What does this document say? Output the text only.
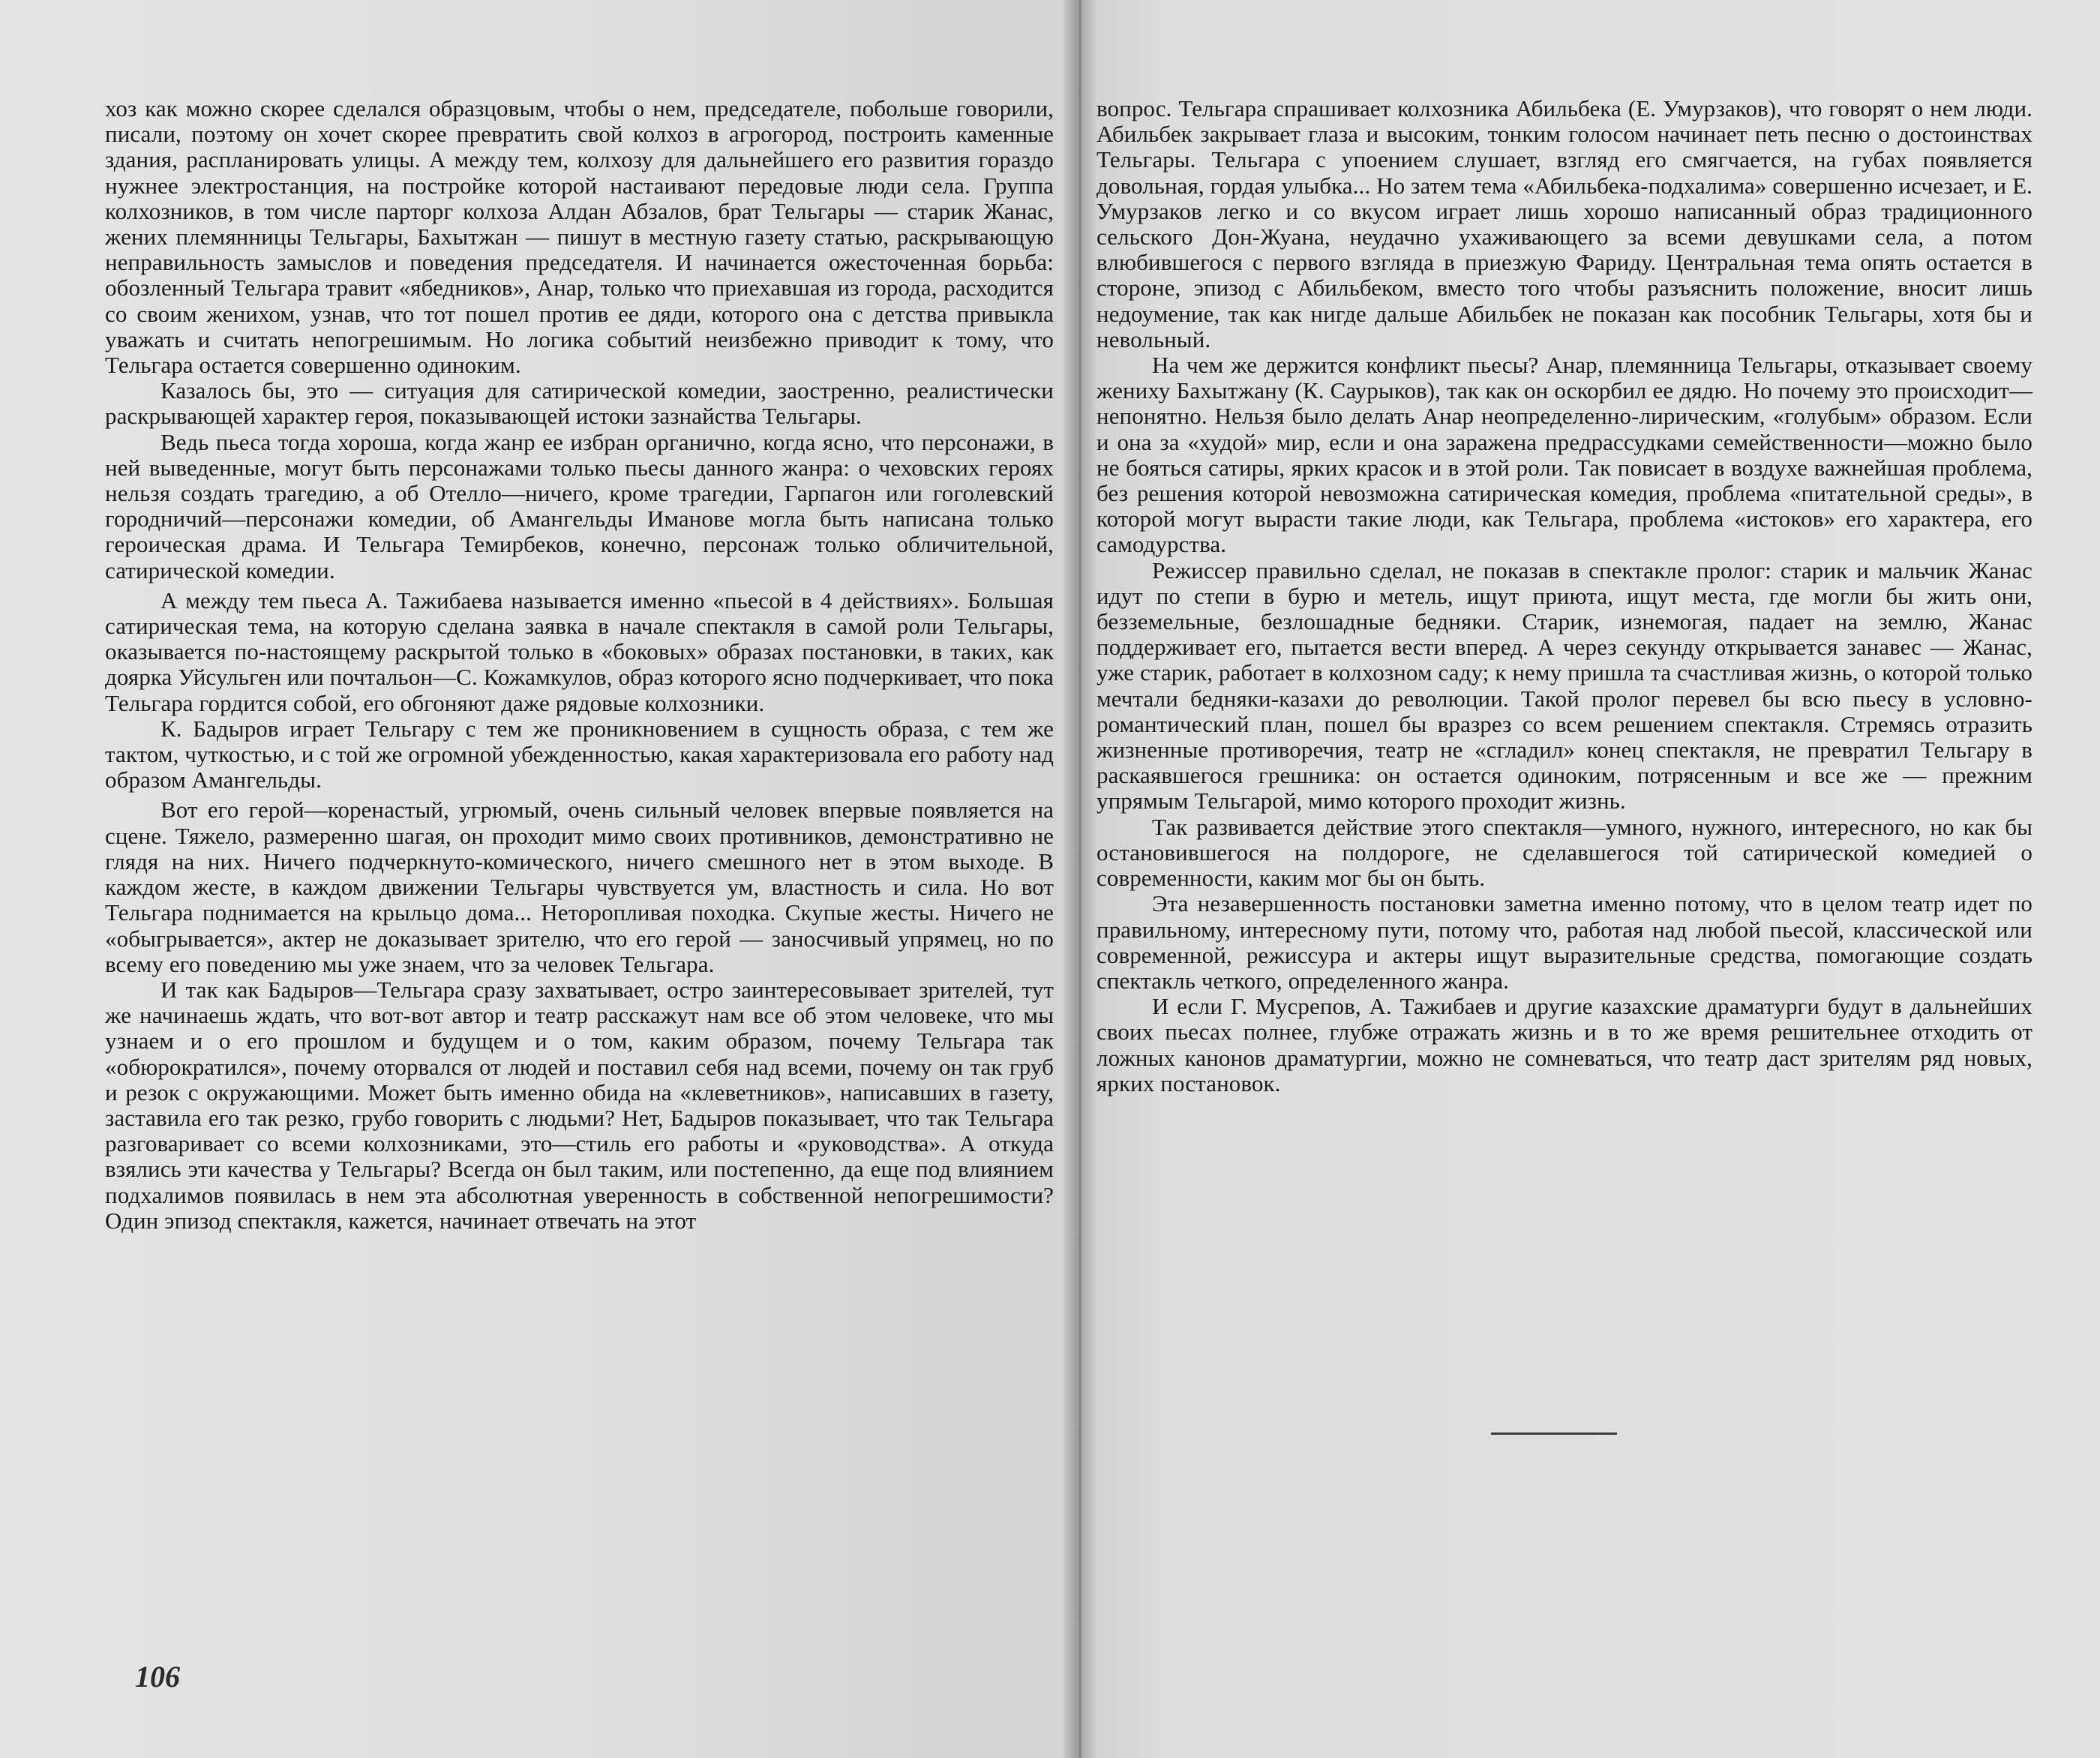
хоз как можно скорее сделался образцовым, чтобы о нем, председателе, побольше говорили, писали, поэтому он хочет скорее превратить свой колхоз в агрогород, построить каменные здания, распланировать улицы. А между тем, колхозу для дальнейшего его развития гораздо нужнее электростанция, на постройке которой настаивают передовые люди села. Группа колхозников, в том числе парторг колхоза Алдан Абзалов, брат Тельгары — старик Жанас, жених племянницы Тельгары, Бахытжан — пишут в местную газету статью, раскрывающую неправильность замыслов и поведения председателя. И начинается ожесточенная борьба: обозленный Тельгара травит «ябедников», Анар, только что приехавшая из города, расходится со своим женихом, узнав, что тот пошел против ее дяди, которого она с детства привыкла уважать и считать непогрешимым. Но логика событий неизбежно приводит к тому, что Тельгара остается совершенно одиноким.

Казалось бы, это — ситуация для сатирической комедии, заостренно, реалистически раскрывающей характер героя, показывающей истоки зазнайства Тельгары.

Ведь пьеса тогда хороша, когда жанр ее избран органично, когда ясно, что персонажи, в ней выведенные, могут быть персонажами только пьесы данного жанра: о чеховских героях нельзя создать трагедию, а об Отелло—ничего, кроме трагедии, Гарпагон или гоголевский городничий—персонажи комедии, об Амангельды Иманове могла быть написана только героическая драма. И Тельгара Темирбеков, конечно, персонаж только обличительной, сатирической комедии.

А между тем пьеса А. Тажибаева называется именно «пьесой в 4 действиях». Большая сатирическая тема, на которую сделана заявка в начале спектакля в самой роли Тельгары, оказывается по-настоящему раскрытой только в «боковых» образах постановки, в таких, как доярка Уйсульген или почтальон—С. Кожамкулов, образ которого ясно подчеркивает, что пока Тельгара гордится собой, его обгоняют даже рядовые колхозники.

К. Бадыров играет Тельгару с тем же проникновением в сущность образа, с тем же тактом, чуткостью, и с той же огромной убежденностью, какая характеризовала его работу над образом Амангельды.

Вот его герой—коренастый, угрюмый, очень сильный человек впервые появляется на сцене. Тяжело, размеренно шагая, он проходит мимо своих противников, демонстративно не глядя на них. Ничего подчеркнуто-комического, ничего смешного нет в этом выходе. В каждом жесте, в каждом движении Тельгары чувствуется ум, властность и сила. Но вот Тельгара поднимается на крыльцо дома... Неторопливая походка. Скупые жесты. Ничего не «обыгрывается», актер не доказывает зрителю, что его герой — заносчивый упрямец, но по всему его поведению мы уже знаем, что за человек Тельгара.

И так как Бадыров—Тельгара сразу захватывает, остро заинтересовывает зрителей, тут же начинаешь ждать, что вот-вот автор и театр расскажут нам все об этом человеке, что мы узнаем и о его прошлом и будущем и о том, каким образом, почему Тельгара так «обюрократился», почему оторвался от людей и поставил себя над всеми, почему он так груб и резок с окружающими. Может быть именно обида на «клеветников», написавших в газету, заставила его так резко, грубо говорить с людьми? Нет, Бадыров показывает, что так Тельгара разговаривает со всеми колхозниками, это—стиль его работы и «руководства». А откуда взялись эти качества у Тельгары? Всегда он был таким, или постепенно, да еще под влиянием подхалимов появилась в нем эта абсолютная уверенность в собственной непогрешимости? Один эпизод спектакля, кажется, начинает отвечать на этот

106

вопрос. Тельгара спрашивает колхозника Абильбека (Е. Умурзаков), что говорят о нем люди. Абильбек закрывает глаза и высоким, тонким голосом начинает петь песню о достоинствах Тельгары. Тельгара с упоением слушает, взгляд его смягчается, на губах появляется довольная, гордая улыбка... Но затем тема «Абильбека-подхалима» совершенно исчезает, и Е. Умурзаков легко и со вкусом играет лишь хорошо написанный образ традиционного сельского Дон-Жуана, неудачно ухаживающего за всеми девушками села, а потом влюбившегося с первого взгляда в приезжую Фариду. Центральная тема опять остается в стороне, эпизод с Абильбеком, вместо того чтобы разъяснить положение, вносит лишь недоумение, так как нигде дальше Абильбек не показан как пособник Тельгары, хотя бы и невольный.

На чем же держится конфликт пьесы? Анар, племянница Тельгары, отказывает своему жениху Бахытжану (К. Саурыков), так как он оскорбил ее дядю. Но почему это происходит—непонятно. Нельзя было делать Анар неопределенно-лирическим, «голубым» образом. Если и она за «худой» мир, если и она заражена предрассудками семейственности—можно было не бояться сатиры, ярких красок и в этой роли. Так повисает в воздухе важнейшая проблема, без решения которой невозможна сатирическая комедия, проблема «питательной среды», в которой могут вырасти такие люди, как Тельгара, проблема «истоков» его характера, его самодурства.

Режиссер правильно сделал, не показав в спектакле пролог: старик и мальчик Жанас идут по степи в бурю и метель, ищут приюта, ищут места, где могли бы жить они, безземельные, безлошадные бедняки. Старик, изнемогая, падает на землю, Жанас поддерживает его, пытается вести вперед. А через секунду открывается занавес — Жанас, уже старик, работает в колхозном саду; к нему пришла та счастливая жизнь, о которой только мечтали бедняки-казахи до революции. Такой пролог перевел бы всю пьесу в условно-романтический план, пошел бы вразрез со всем решением спектакля. Стремясь отразить жизненные противоречия, театр не «сгладил» конец спектакля, не превратил Тельгару в раскаявшегося грешника: он остается одиноким, потрясенным и все же — прежним упрямым Тельгарой, мимо которого проходит жизнь.

Так развивается действие этого спектакля—умного, нужного, интересного, но как бы остановившегося на полдороге, не сделавшегося той сатирической комедией о современности, каким мог бы он быть.

Эта незавершенность постановки заметна именно потому, что в целом театр идет по правильному, интересному пути, потому что, работая над любой пьесой, классической или современной, режиссура и актеры ищут выразительные средства, помогающие создать спектакль четкого, определенного жанра.

И если Г. Мусрепов, А. Тажибаев и другие казахские драматурги будут в дальнейших своих пьесах полнее, глубже отражать жизнь и в то же время решительнее отходить от ложных канонов драматургии, можно не сомневаться, что театр даст зрителям ряд новых, ярких постановок.
